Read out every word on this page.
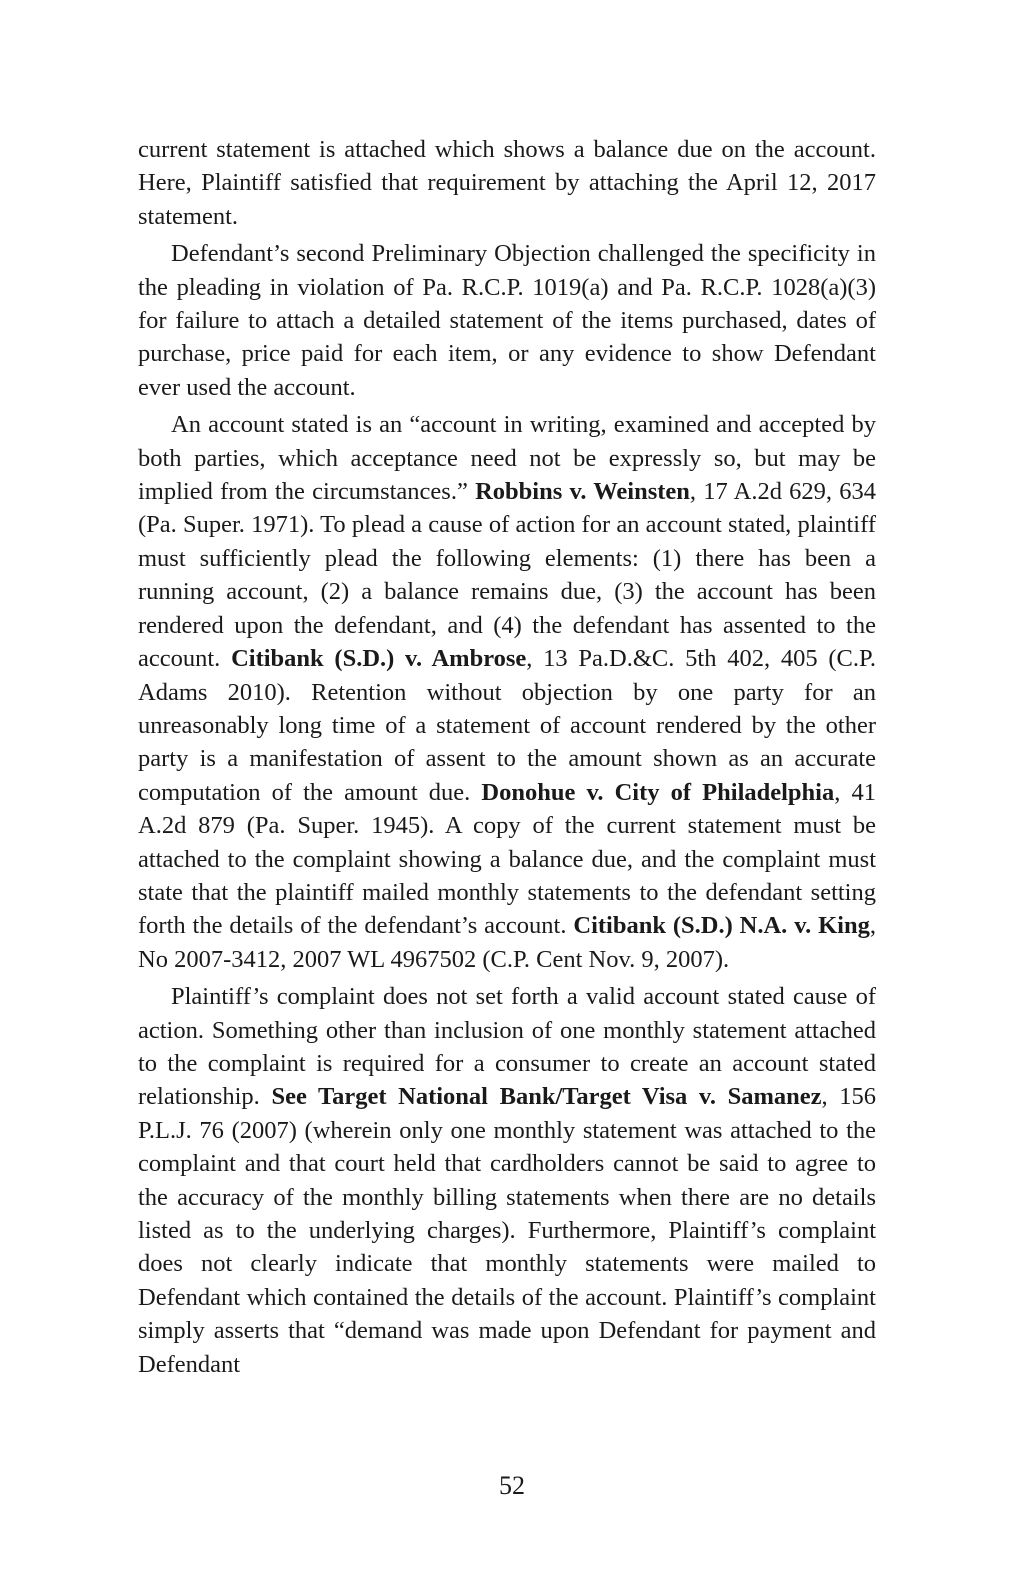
current statement is attached which shows a balance due on the account. Here, Plaintiff satisfied that requirement by attaching the April 12, 2017 statement.

Defendant’s second Preliminary Objection challenged the specificity in the pleading in violation of Pa. R.C.P. 1019(a) and Pa. R.C.P. 1028(a)(3) for failure to attach a detailed statement of the items purchased, dates of purchase, price paid for each item, or any evidence to show Defendant ever used the account.

An account stated is an “account in writing, examined and accepted by both parties, which acceptance need not be expressly so, but may be implied from the circumstances.” Robbins v. Weinsten, 17 A.2d 629, 634 (Pa. Super. 1971). To plead a cause of action for an account stated, plaintiff must sufficiently plead the following elements: (1) there has been a running account, (2) a balance remains due, (3) the account has been rendered upon the defendant, and (4) the defendant has assented to the account. Citibank (S.D.) v. Ambrose, 13 Pa.D.&C. 5th 402, 405 (C.P. Adams 2010). Retention without objection by one party for an unreasonably long time of a statement of account rendered by the other party is a manifestation of assent to the amount shown as an accurate computation of the amount due. Donohue v. City of Philadelphia, 41 A.2d 879 (Pa. Super. 1945). A copy of the current statement must be attached to the complaint showing a balance due, and the complaint must state that the plaintiff mailed monthly statements to the defendant setting forth the details of the defendant’s account. Citibank (S.D.) N.A. v. King, No 2007-3412, 2007 WL 4967502 (C.P. Cent Nov. 9, 2007).

Plaintiff’s complaint does not set forth a valid account stated cause of action. Something other than inclusion of one monthly statement attached to the complaint is required for a consumer to create an account stated relationship. See Target National Bank/Target Visa v. Samanez, 156 P.L.J. 76 (2007) (wherein only one monthly statement was attached to the complaint and that court held that cardholders cannot be said to agree to the accuracy of the monthly billing statements when there are no details listed as to the underlying charges). Furthermore, Plaintiff’s complaint does not clearly indicate that monthly statements were mailed to Defendant which contained the details of the account. Plaintiff’s complaint simply asserts that “demand was made upon Defendant for payment and Defendant

52
